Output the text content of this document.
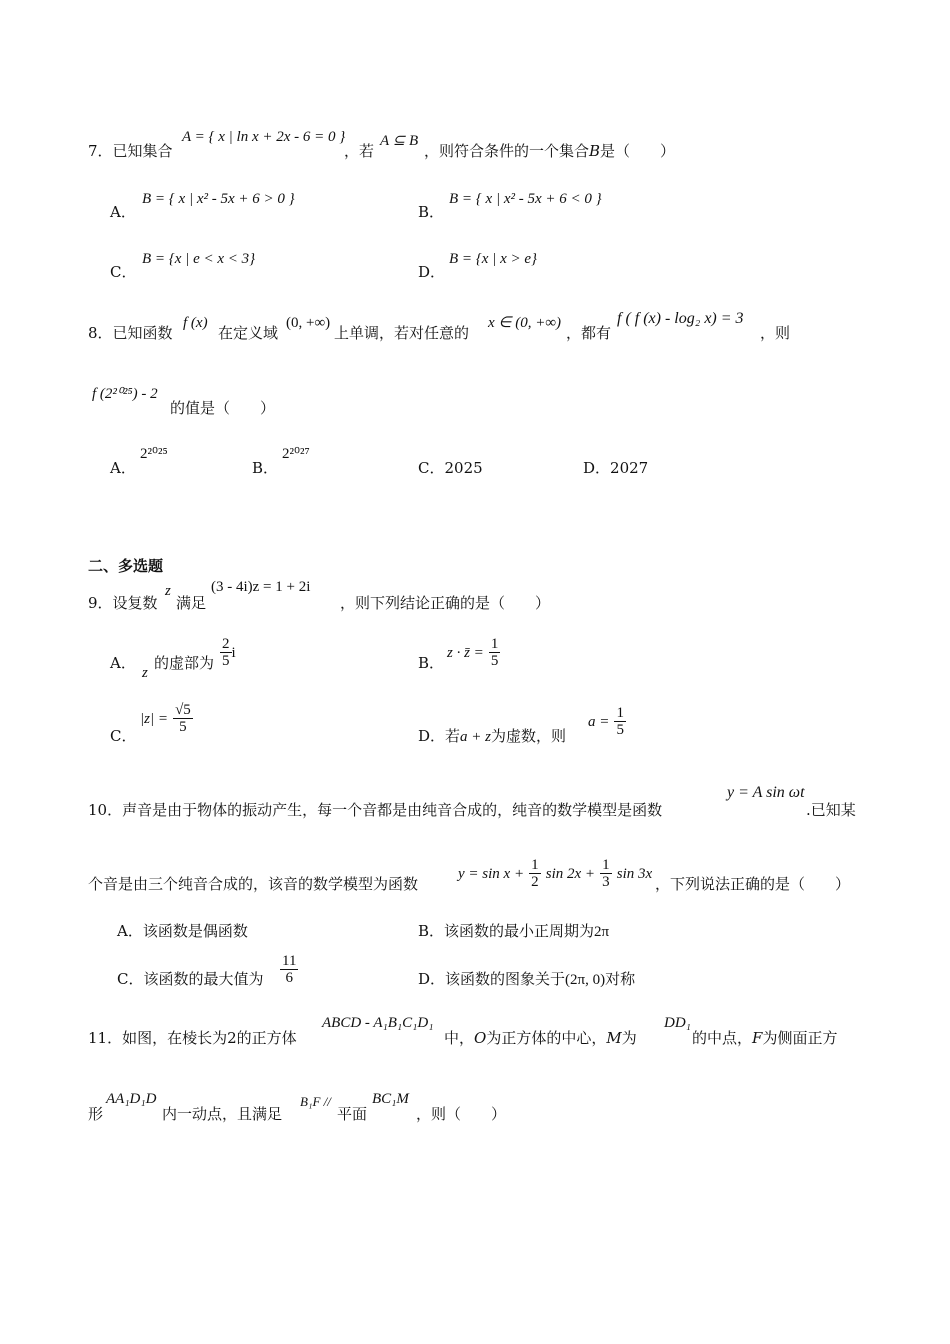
7．已知集合
A = { x | ln x + 2x - 6 = 0 }
，若
A ⊆ B
，则符合条件的一个集合B是（　　）
A．
B = { x | x² - 5x + 6 > 0 }
B．
B = { x | x² - 5x + 6 < 0 }
C．
B = {x | e < x < 3}
D．
B = {x | x > e}
8．已知函数
f (x)
在定义域
(0, +∞)
上单调，若对任意的
x ∈ (0, +∞)
，都有
f ( f (x) - log₂ x) = 3
，则
f (2²⁰²⁵) - 2
的值是（　　）
A．
2²⁰²⁵
B．
2²⁰²⁷
C．2025	D．2027
二、多选题
9．设复数
z
满足
(3 - 4i)z = 1 + 2i
，则下列结论正确的是（　　）
A．
z
的虚部为 $\frac{2}{5}$ i
B．
z · z̄ = $\frac{1}{5}$
C．
$|z| = \frac{√5}{5}$
D．若a + z为虚数，则
$a = \frac{1}{5}$
10．声音是由于物体的振动产生，每一个音都是由纯音合成的，纯音的数学模型是函数
y = A sin ωt
.已知某
个音是由三个纯音合成的，该音的数学模型为函数
$y = \sin x + \frac{1}{2}$ $\sin 2x + \frac{1}{3}$ sin 3x
，下列说法正确的是（　　）
A．该函数是偶函数	B．该函数的最小正周期为2π
C．该函数的最大值为 $\frac{11}{6}$	D．该函数的图象关于(2π, 0)对称
11．如图，在棱长为2的正方体
ABCD - A₁B₁C₁D₁
中，O为正方体的中心，M为
DD₁
的中点，F为侧面正方
形
AA₁D₁D
内一动点，且满足
B₁F //
平面
BC₁M
，则（　　）
